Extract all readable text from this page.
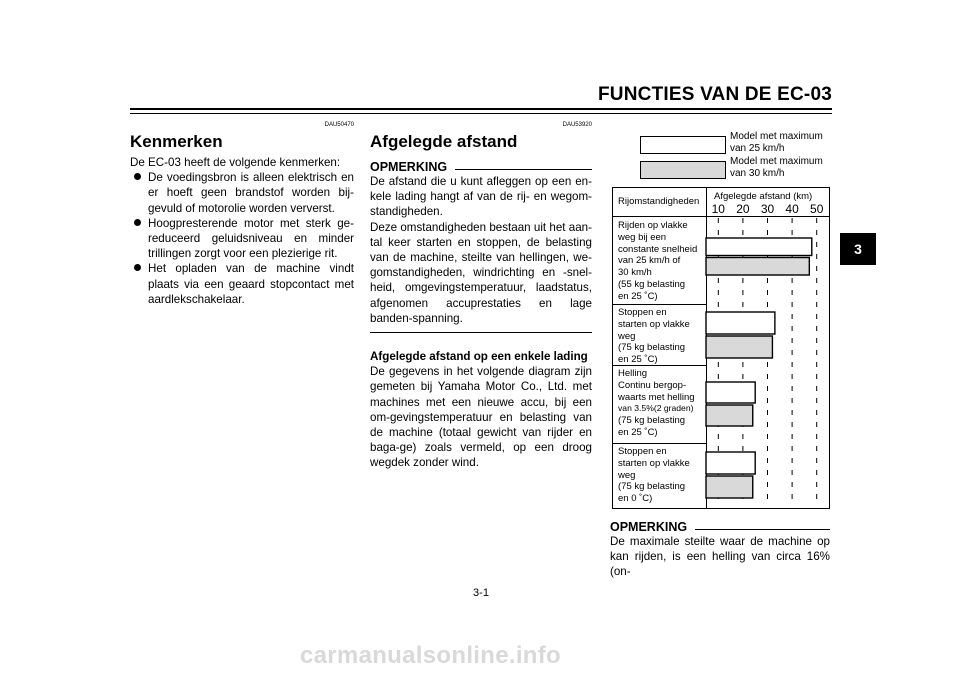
FUNCTIES VAN DE EC-03
3
DAU50470
Kenmerken

De EC-03 heeft de volgende kenmerken:

De voedingsbron is alleen elektrisch en er hoeft geen brandstof worden bij-gevuld of motorolie worden ververst.
Hoogpresterende motor met sterk ge-reduceerd geluidsniveau en minder trillingen zorgt voor een plezierige rit.
Het opladen van de machine vindt plaats via een geaard stopcontact met aardlekschakelaar.
DAU53920
Afgelegde afstand
OPMERKING

De afstand die u kunt afleggen op een en-kele lading hangt af van de rij- en wegom-standigheden.

Deze omstandigheden bestaan uit het aan-tal keer starten en stoppen, de belasting van de machine, steilte van hellingen, we-gomstandigheden, windrichting en -snel-heid, omgevingstemperatuur, laadstatus, afgenomen accuprestaties en lage banden-spanning.

Afgelegde afstand op een enkele lading

De gegevens in het volgende diagram zijn gemeten bij Yamaha Motor Co., Ltd. met machines met een nieuwe accu, bij een om-gevingstemperatuur en belasting van de machine (totaal gewicht van rijder en baga-ge) zoals vermeld, op een droog wegdek zonder wind.

Model met maximum van 25 km/h
Model met maximum van 30 km/h
Rijomstandigheden Afgelegde afstand (km)
Rijden op vlakke
weg bij een
constante snelheid
van 25 km/h of
30 km/h
(55 kg belasting
en 25 ˚C)
Stoppen en
starten op vlakke
weg
(75 kg belasting
en 25 ˚C)
Helling
Continu bergop-
waarts met helling
van 3.5%(2 graden)
(75 kg belasting
en 25 ˚C)
Stoppen en
starten op vlakke
weg
(75 kg belasting
en 0 ˚C)
10 20 30 40 50
OPMERKING
De maximale steilte waar de machine op kan rijden, is een helling van circa 16% (on-
3-1
carmanualsonline.info
